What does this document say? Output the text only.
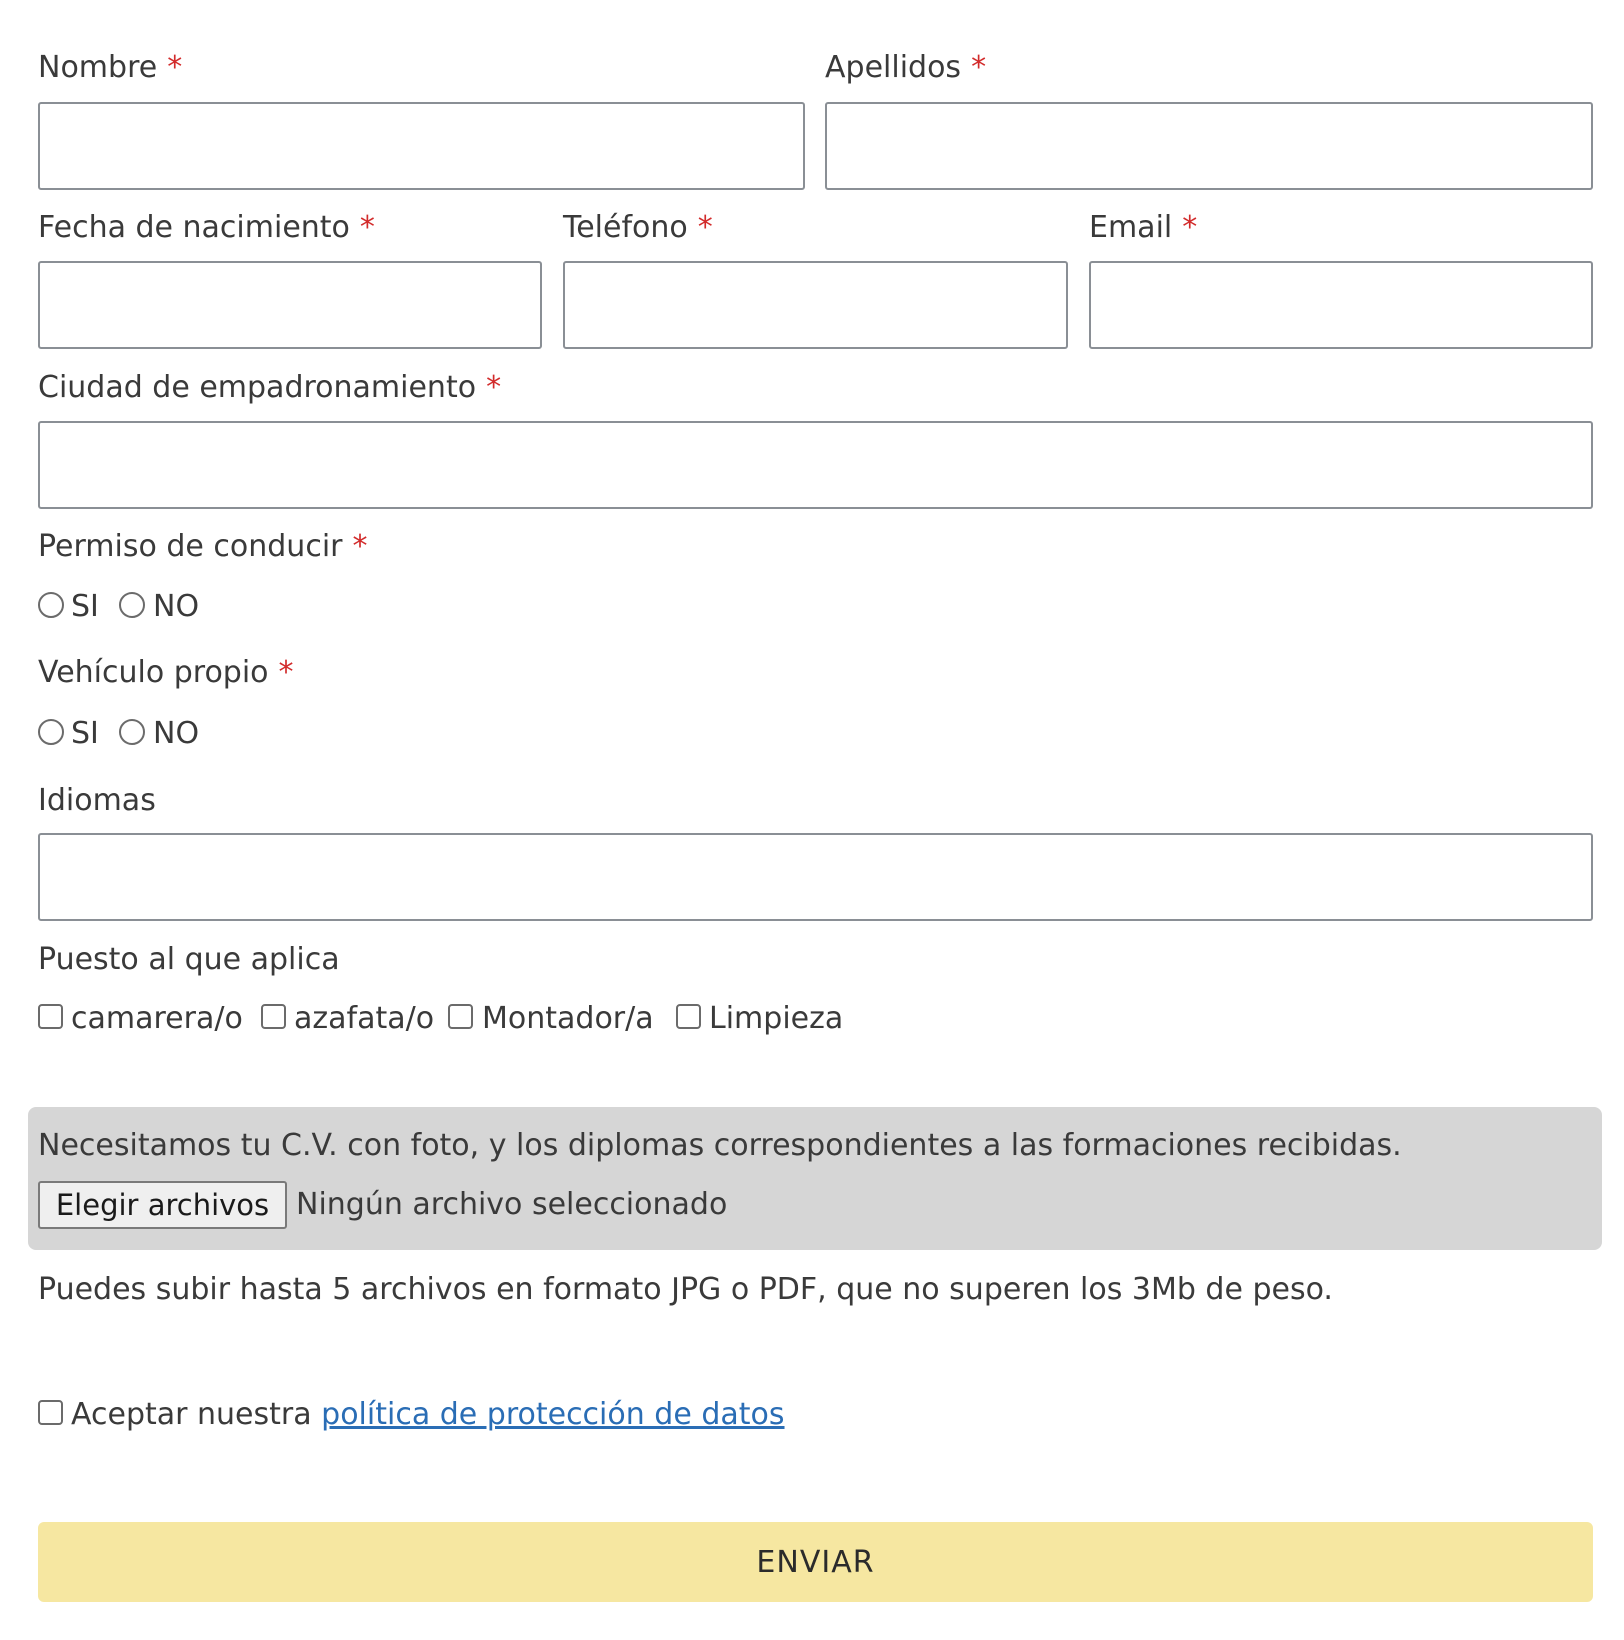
Nombre *	Apellidos *
Fecha de nacimiento *	Teléfono *	Email *
Ciudad de empadronamiento *
Permiso de conducir *
SI NO
Vehículo propio *
SI NO
Idiomas
Puesto al que aplica
camarera/o azafata/o Montador/a Limpieza
Necesitamos tu C.V. con foto, y los diplomas correspondientes a las formaciones recibidas.
Elegir archivos Ningún archivo seleccionado
Puedes subir hasta 5 archivos en formato JPG o PDF, que no superen los 3Mb de peso.
Aceptar nuestra política de protección de datos
ENVIAR
